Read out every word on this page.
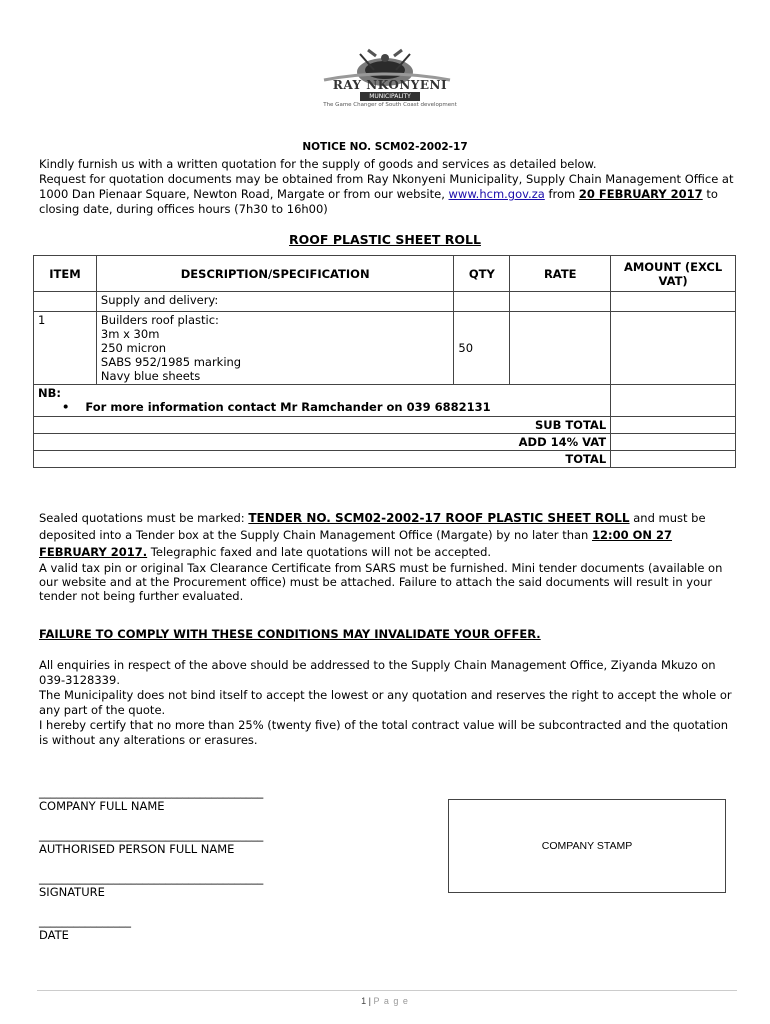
RAY NKONYENI
MUNICIPALITY
The Game Changer of South Coast development
NOTICE NO. SCM02-2002-17
Kindly furnish us with a written quotation for the supply of goods and services as detailed below.
Request for quotation documents may be obtained from Ray Nkonyeni Municipality, Supply Chain Management Office at 1000 Dan Pienaar Square, Newton Road, Margate or from our website, www.hcm.gov.za from 20 FEBRUARY 2017 to closing date, during offices hours (7h30 to 16h00)
ROOF PLASTIC SHEET ROLL
ITEM	DESCRIPTION/SPECIFICATION	QTY	RATE	AMOUNT (EXCL VAT)
	Supply and delivery:			
1	Builders roof plastic:
3m x 30m
250 micron
SABS 952/1985 marking
Navy blue sheets	50		

NB:
• For more information contact Mr Ramchander on 039 6882131				

SUB TOTAL				
ADD 14% VAT				
TOTAL				
Sealed quotations must be marked: TENDER NO. SCM02-2002-17 ROOF PLASTIC SHEET ROLL and must be deposited into a Tender box at the Supply Chain Management Office (Margate) by no later than 12:00 ON 27 FEBRUARY 2017. Telegraphic faxed and late quotations will not be accepted.
A valid tax pin or original Tax Clearance Certificate from SARS must be furnished. Mini tender documents (available on our website and at the Procurement office) must be attached. Failure to attach the said documents will result in your tender not being further evaluated.
FAILURE TO COMPLY WITH THESE CONDITIONS MAY INVALIDATE YOUR OFFER.
All enquiries in respect of the above should be addressed to the Supply Chain Management Office, Ziyanda Mkuzo on 039-3128339.
The Municipality does not bind itself to accept the lowest or any quotation and reserves the right to accept the whole or any part of the quote.
I hereby certify that no more than 25% (twenty five) of the total contract value will be subcontracted and the quotation is without any alterations or erasures.
_______________________________________
COMPANY FULL NAME
_______________________________________
AUTHORISED PERSON FULL NAME
_______________________________________
SIGNATURE
________________
DATE
COMPANY STAMP
1 | P a g e
